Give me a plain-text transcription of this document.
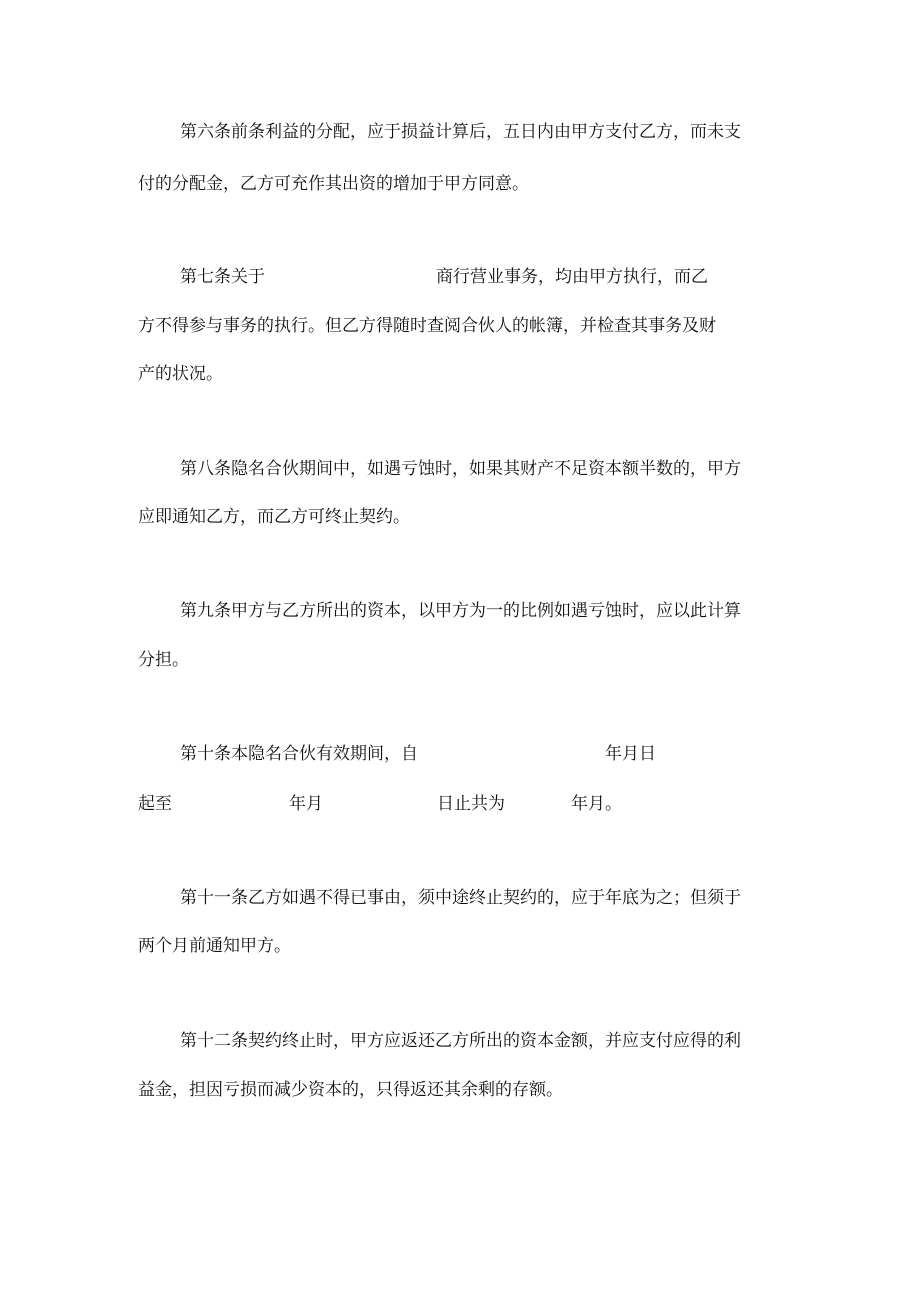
第六条前条利益的分配，应于损益计算后，五日内由甲方支付乙方，而未支
付的分配金，乙方可充作其出资的增加于甲方同意。
第七条关于	商行营业事务，均由甲方执行，而乙
方不得参与事务的执行。但乙方得随时查阅合伙人的帐簿，并检查其事务及财
产的状况。
第八条隐名合伙期间中，如遇亏蚀时，如果其财产不足资本额半数的，甲方
应即通知乙方，而乙方可终止契约。
第九条甲方与乙方所出的资本，以甲方为一的比例如遇亏蚀时，应以此计算
分担。
第十条本隐名合伙有效期间，自	年月日
起至	年月	日止共为	年月。
第十一条乙方如遇不得已事由，须中途终止契约的，应于年底为之；但须于
两个月前通知甲方。
第十二条契约终止时，甲方应返还乙方所出的资本金额，并应支付应得的利
益金，担因亏损而减少资本的，只得返还其余剩的存额。
